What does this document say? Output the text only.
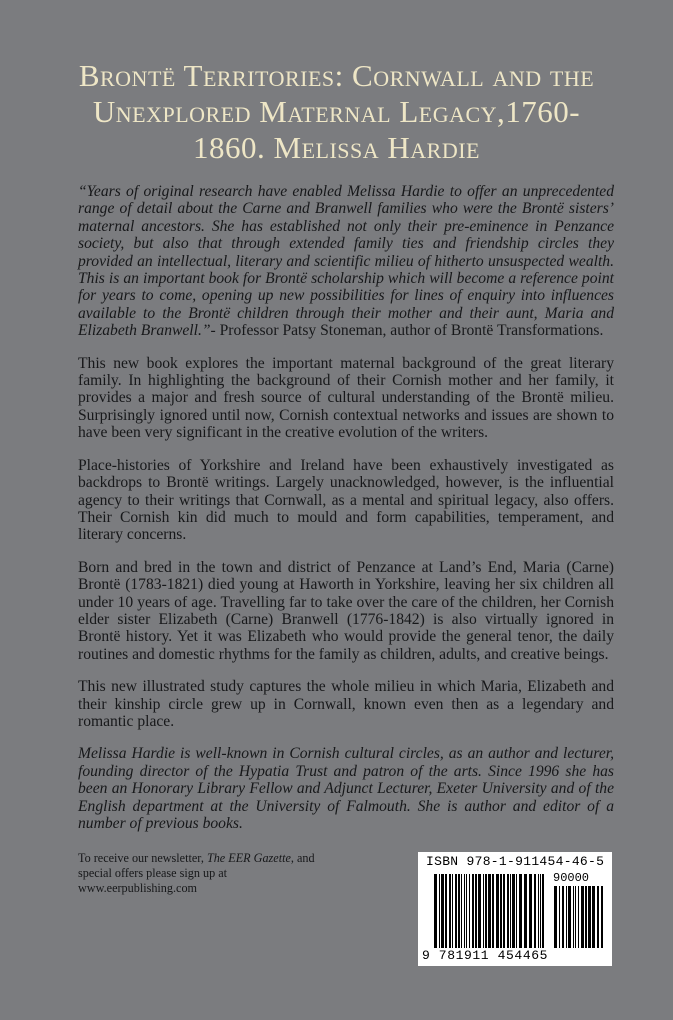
Brontë Territories: Cornwall and the Unexplored Maternal Legacy,1760-1860. Melissa Hardie

“Years of original research have enabled Melissa Hardie to offer an unprecedented range of detail about the Carne and Branwell families who were the Brontë sisters’ maternal ancestors. She has established not only their pre-eminence in Penzance society, but also that through extended family ties and friendship circles they provided an intellectual, literary and scientific milieu of hitherto unsuspected wealth. This is an important book for Brontë scholarship which will become a reference point for years to come, opening up new possibilities for lines of enquiry into influences available to the Brontë children through their mother and their aunt, Maria and Elizabeth Branwell.”- Professor Patsy Stoneman, author of Brontë Transformations.

This new book explores the important maternal background of the great literary family. In highlighting the background of their Cornish mother and her family, it provides a major and fresh source of cultural understanding of the Brontë milieu. Surprisingly ignored until now, Cornish contextual networks and issues are shown to have been very significant in the creative evolution of the writers.

Place-histories of Yorkshire and Ireland have been exhaustively investigated as backdrops to Brontë writings. Largely unacknowledged, however, is the influential agency to their writings that Cornwall, as a mental and spiritual legacy, also offers. Their Cornish kin did much to mould and form capabilities, temperament, and literary concerns.

Born and bred in the town and district of Penzance at Land’s End, Maria (Carne) Brontë (1783-1821) died young at Haworth in Yorkshire, leaving her six children all under 10 years of age. Travelling far to take over the care of the children, her Cornish elder sister Elizabeth (Carne) Branwell (1776-1842) is also virtually ignored in Brontë history. Yet it was Elizabeth who would provide the general tenor, the daily routines and domestic rhythms for the family as children, adults, and creative beings.

This new illustrated study captures the whole milieu in which Maria, Elizabeth and their kinship circle grew up in Cornwall, known even then as a legendary and romantic place.

Melissa Hardie is well-known in Cornish cultural circles, as an author and lecturer, founding director of the Hypatia Trust and patron of the arts. Since 1996 she has been an Honorary Library Fellow and Adjunct Lecturer, Exeter University and of the English department at the University of Falmouth. She is author and editor of a number of previous books.

To receive our newsletter, The EER Gazette, and special offers please sign up at
www.eerpublishing.com
ISBN 978-1-911454-46-5
90000
9 781911 454465
